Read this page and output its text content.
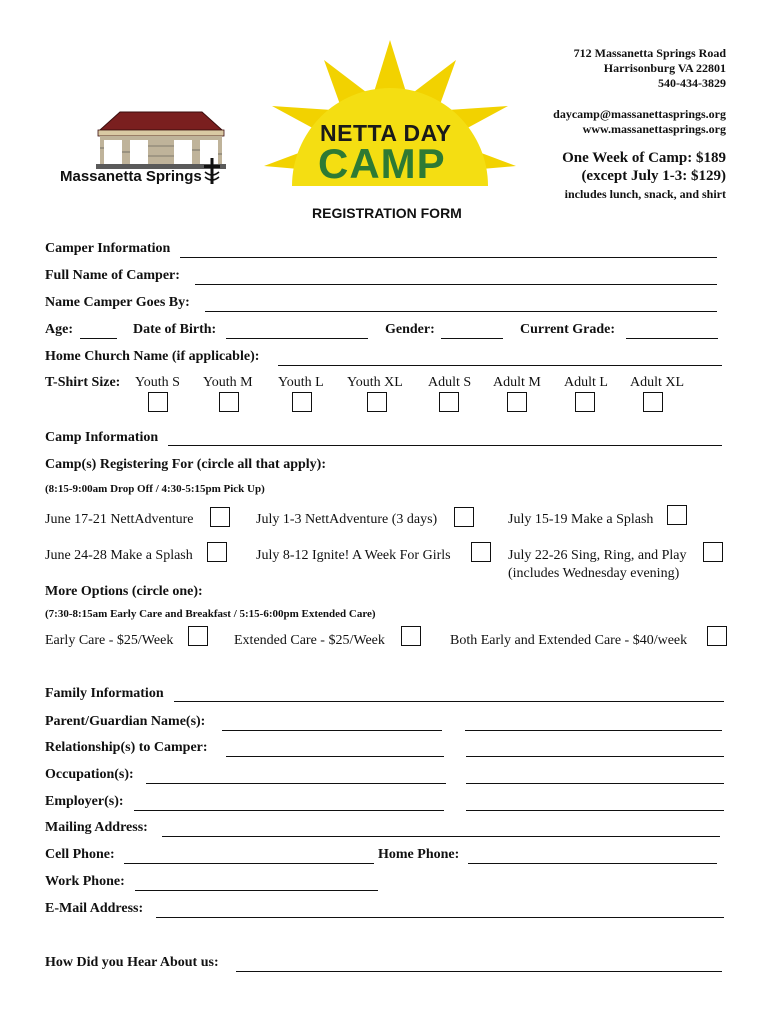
Massanetta Springs
NETTA DAY
CAMP
712 Massanetta Springs Road
Harrisonburg VA 22801
540-434-3829
daycamp@massanettasprings.org
www.massanettasprings.org
One Week of Camp: $189
(except July 1-3: $129)
includes lunch, snack, and shirt
REGISTRATION FORM
Camper Information
Full Name of Camper:
Name Camper Goes By:
Age:	Date of Birth:	Gender:	Current Grade:
Home Church Name (if applicable):
T-Shirt Size: Youth S Youth M Youth L Youth XL Adult S Adult M Adult L Adult XL
Camp Information
Camp(s) Registering For (circle all that apply):
(8:15-9:00am Drop Off / 4:30-5:15pm Pick Up)
June 17-21 NettAdventure	July 1-3 NettAdventure (3 days)	July 15-19 Make a Splash
June 24-28 Make a Splash	July 8-12 Ignite! A Week For Girls	July 22-26 Sing, Ring, and Play
(includes Wednesday evening)
More Options (circle one):
(7:30-8:15am Early Care and Breakfast / 5:15-6:00pm Extended Care)
Early Care - $25/Week	Extended Care - $25/Week	Both Early and Extended Care - $40/week
Family Information
Parent/Guardian Name(s):
Relationship(s) to Camper:
Occupation(s):
Employer(s):
Mailing Address:
Cell Phone:	Home Phone:
Work Phone:
E-Mail Address:
How Did you Hear About us:
